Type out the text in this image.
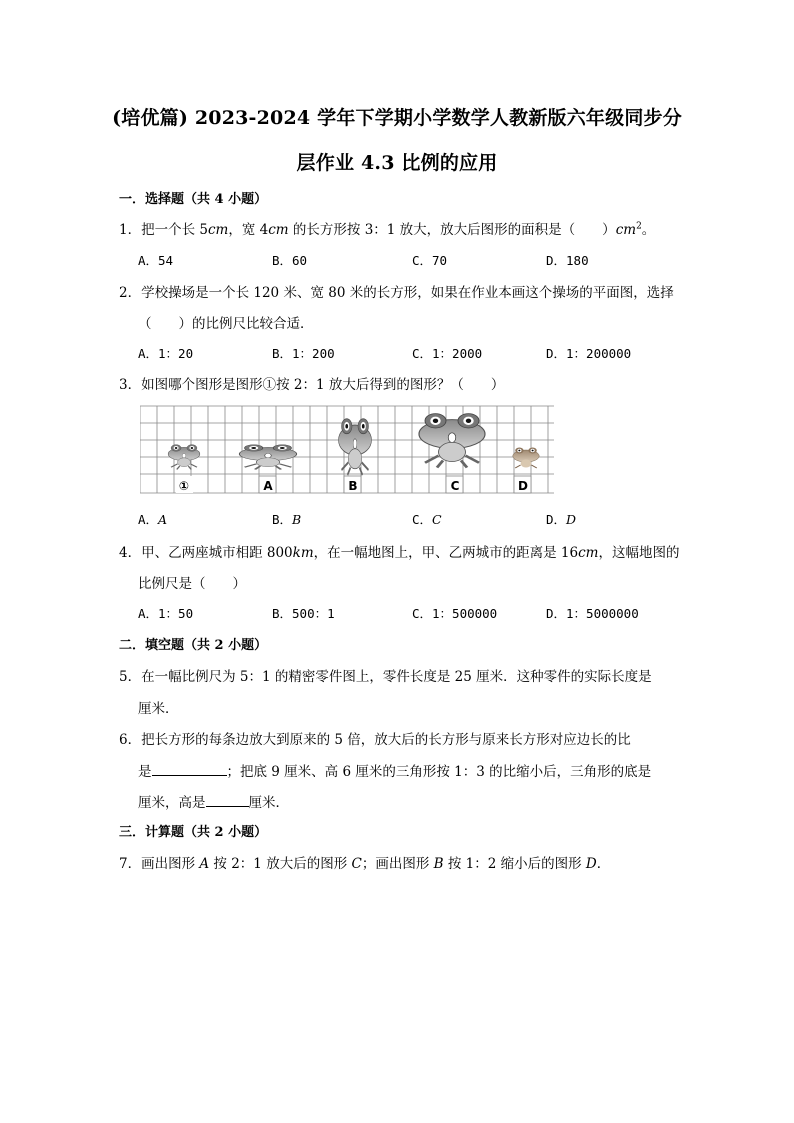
(培优篇) 2023-2024 学年下学期小学数学人教新版六年级同步分
层作业 4.3 比例的应用
一．选择题（共 4 小题）
1．把一个长 5cm，宽 4cm 的长方形按 3：1 放大，放大后图形的面积是（　　）$cm^2$。
A．54	B．60	C．70	D．180
2．学校操场是一个长 120 米、宽 80 米的长方形，如果在作业本画这个操场的平面图，选择
（　　）的比例尺比较合适．
A．1：20	B．1：200	C．1：2000	D．1：200000
3．如图哪个图形是图形①按 2：1 放大后得到的图形？（　　）
①	A	B	C	D
A．A	B．B	C．C	D．D
4．甲、乙两座城市相距 800km，在一幅地图上，甲、乙两城市的距离是 16cm，这幅地图的
比例尺是（　　）
A．1：50	B．500：1	C．1：500000	D．1：5000000
二．填空题（共 2 小题）
5．在一幅比例尺为 5：1 的精密零件图上，零件长度是 25 厘米．这种零件的实际长度是
厘米．
6．把长方形的每条边放大到原来的 5 倍，放大后的长方形与原来长方形对应边长的比
是	；把底 9 厘米、高 6 厘米的三角形按 1：3 的比缩小后，三角形的底是
厘米，高是	厘米．
三．计算题（共 2 小题）
7．画出图形 A 按 2：1 放大后的图形 C；画出图形 B 按 1：2 缩小后的图形 D．
